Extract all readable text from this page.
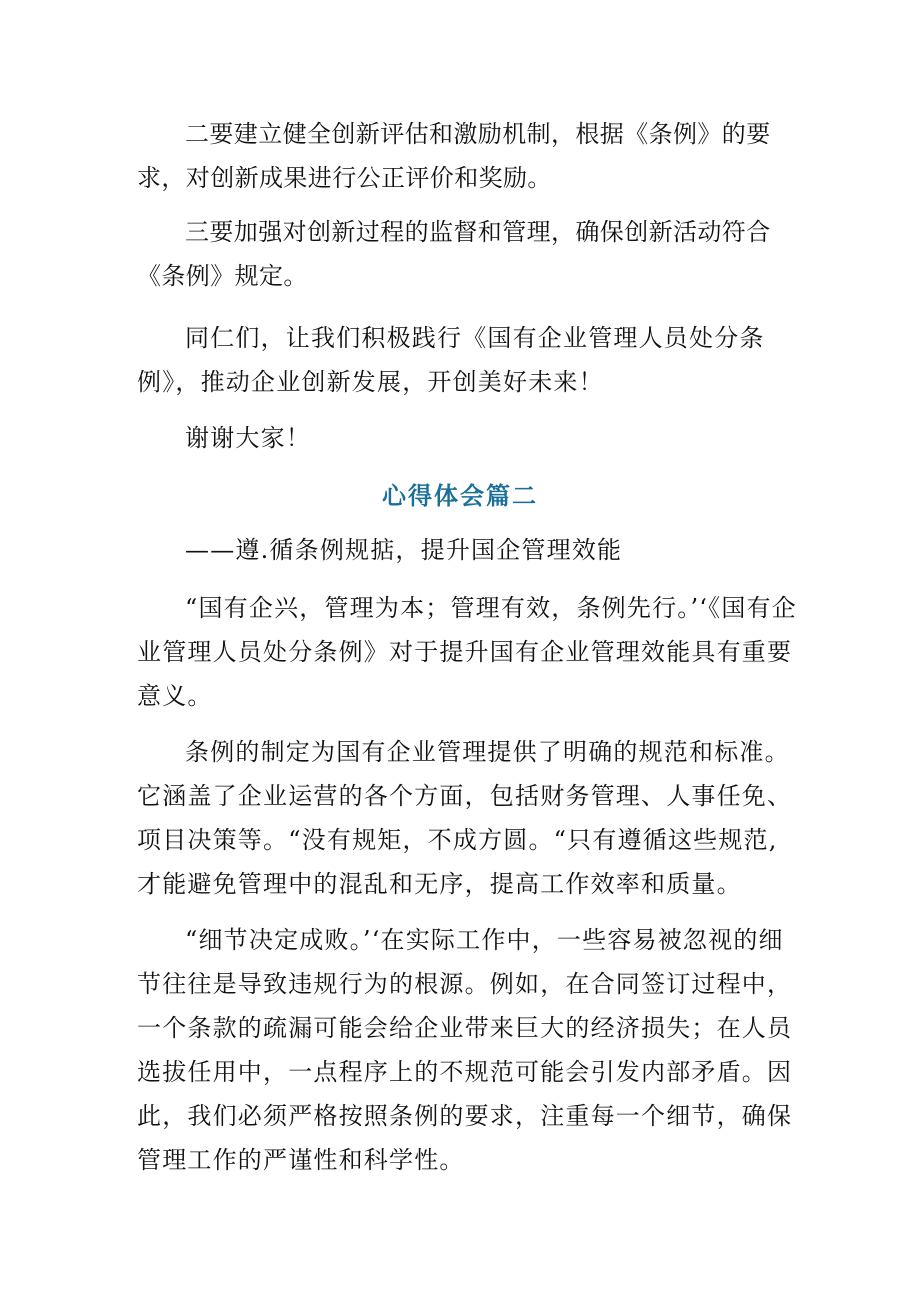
二要建立健全创新评估和激励机制，根据《条例》的要求，对创新成果进行公正评价和奖励。

三要加强对创新过程的监督和管理，确保创新活动符合《条例》规定。

同仁们，让我们积极践行《国有企业管理人员处分条例》，推动企业创新发展，开创美好未来！

谢谢大家！

心得体会篇二

——遵.循条例规掂，提升国企管理效能

“国有企兴，管理为本；管理有效，条例先行。’‘《国有企业管理人员处分条例》对于提升国有企业管理效能具有重要意义。

条例的制定为国有企业管理提供了明确的规范和标准。它涵盖了企业运营的各个方面，包括财务管理、人事任免、项目决策等。“没有规矩，不成方圆。“只有遵循这些规范,才能避免管理中的混乱和无序，提高工作效率和质量。

“细节决定成败。’‘在实际工作中，一些容易被忽视的细节往往是导致违规行为的根源。例如，在合同签订过程中，一个条款的疏漏可能会给企业带来巨大的经济损失；在人员选拔任用中，一点程序上的不规范可能会引发内部矛盾。因此，我们必须严格按照条例的要求，注重每一个细节，确保管理工作的严谨性和科学性。
